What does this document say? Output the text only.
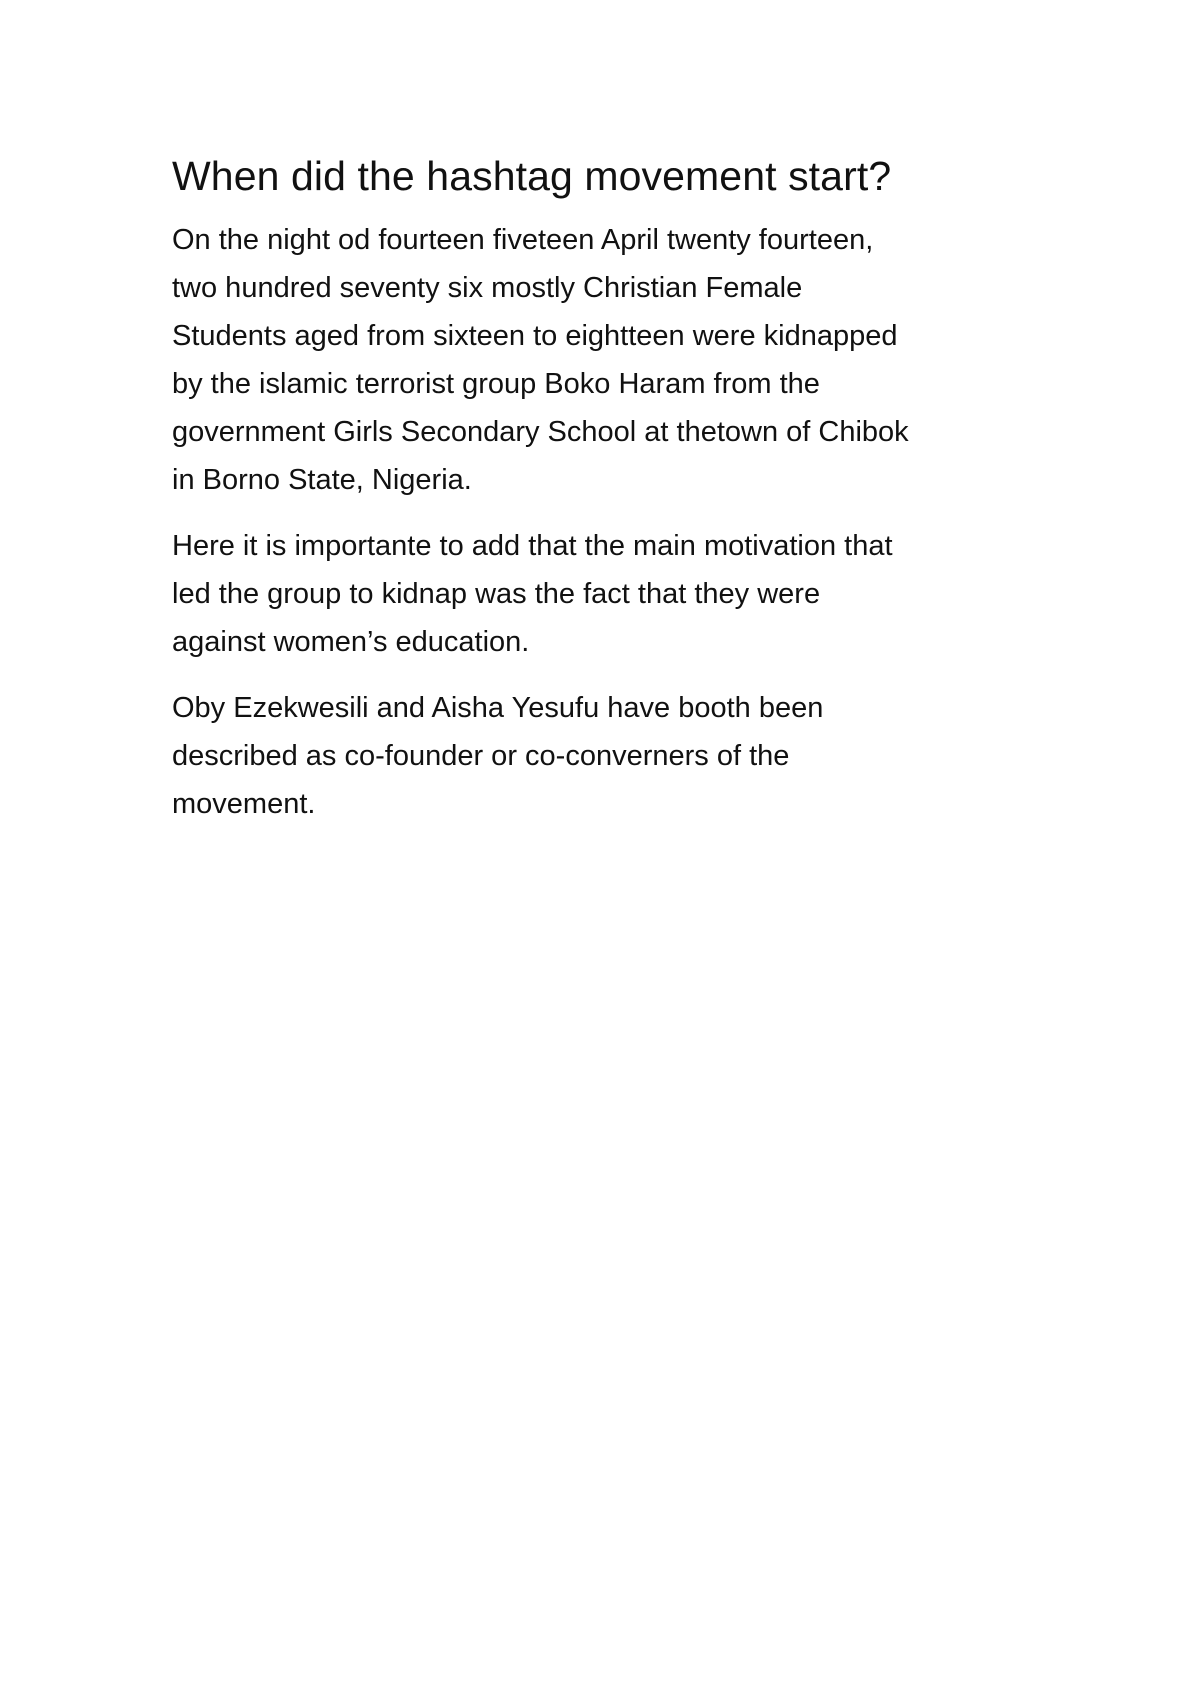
When did the hashtag movement start?

On the night od fourteen fiveteen April twenty fourteen,
two hundred seventy six mostly Christian Female
Students aged from sixteen to eightteen were kidnapped
by the islamic terrorist group Boko Haram from the
government Girls Secondary School at thetown of Chibok
in Borno State, Nigeria.

Here it is importante to add that the main motivation that
led the group to kidnap was the fact that they were
against women’s education.

Oby Ezekwesili and Aisha Yesufu have booth been
described as co-founder or co-converners of the
movement.
